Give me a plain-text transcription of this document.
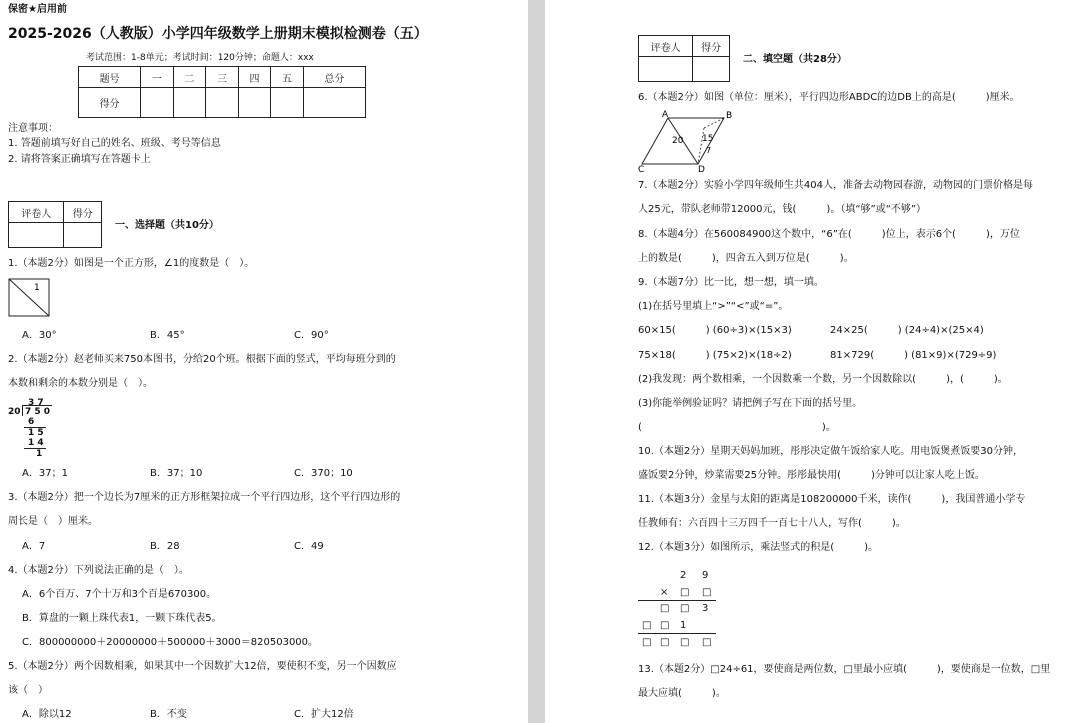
保密★启用前
2025-2026（人教版）小学四年级数学上册期末模拟检测卷（五）
考试范围：1-8单元；考试时间：120分钟；命题人：xxx
题号	一	二	三	四	五	总分
得分						
注意事项：
1. 答题前填写好自己的姓名、班级、考号等信息
2. 请将答案正确填写在答题卡上
评卷人	得分

一、选择题（共10分）
1.（本题2分）如图是一个正方形，∠1的度数是（　）。
1
A．30°	B．45°	C．90°
2.（本题2分）赵老师买来750本图书，分给20个班。根据下面的竖式，平均每班分到的
本数和剩余的本数分别是（　）。
3 7
20 7 5 0
6
1 5
1 4
1
A．37；1	B．37；10	C．370；10
3.（本题2分）把一个边长为7厘米的正方形框架拉成一个平行四边形，这个平行四边形的
周长是（　）厘米。
A．7	B．28	C．49
4.（本题2分）下列说法正确的是（　）。
A．6个百万、7个十万和3个百是670300。
B．算盘的一颗上珠代表1，一颗下珠代表5。
C．800000000＋20000000＋500000＋3000＝820503000。
5.（本题2分）两个因数相乘，如果其中一个因数扩大12倍，要使积不变，另一个因数应
该（　）
A．除以12	B．不变	C．扩大12倍
评卷人	得分

二、填空题（共28分）
6.（本题2分）如图（单位：厘米），平行四边形ABDC的边DB上的高是(　　　)厘米。
A	B
C	D
20 15
7
7.（本题2分）实验小学四年级师生共404人，准备去动物园春游，动物园的门票价格是每
人25元，带队老师带12000元，钱(　　　)。（填“够”或“不够”）
8.（本题4分）在560084900这个数中，“6”在(　　　)位上，表示6个(　　　)，万位
上的数是(　　　)，四舍五入到万位是(　　　)。
9.（本题7分）比一比，想一想，填一填。
(1)在括号里填上“>”“<”或“=”。
60×15(　　　) (60÷3)×(15×3)	24×25(　　　) (24÷4)×(25×4)
75×18(　　　) (75×2)×(18÷2)	81×729(　　　) (81×9)×(729÷9)
(2)我发现：两个数相乘，一个因数乘一个数，另一个因数除以(　　　)，(　　　)。
(3)你能举例验证吗？请把例子写在下面的括号里。
(　　　　　　　　　　　　　　　　　　)。
10.（本题2分）星期天妈妈加班，彤彤决定做午饭给家人吃。用电饭煲煮饭要30分钟，
盛饭要2分钟，炒菜需要25分钟。彤彤最快用(　　　)分钟可以让家人吃上饭。
11.（本题3分）金星与太阳的距离是108200000千米，读作(　　　)，我国普通小学专
任教师有：六百四十三万四千一百七十八人，写作(　　　)。
12.（本题3分）如图所示，乘法竖式的积是(　　　)。
2 9
× □ □
□ □ 3
□ □ 1
□ □ □ □
13.（本题2分）□24÷61，要使商是两位数，□里最小应填(　　　)，要使商是一位数，□里
最大应填(　　　)。
